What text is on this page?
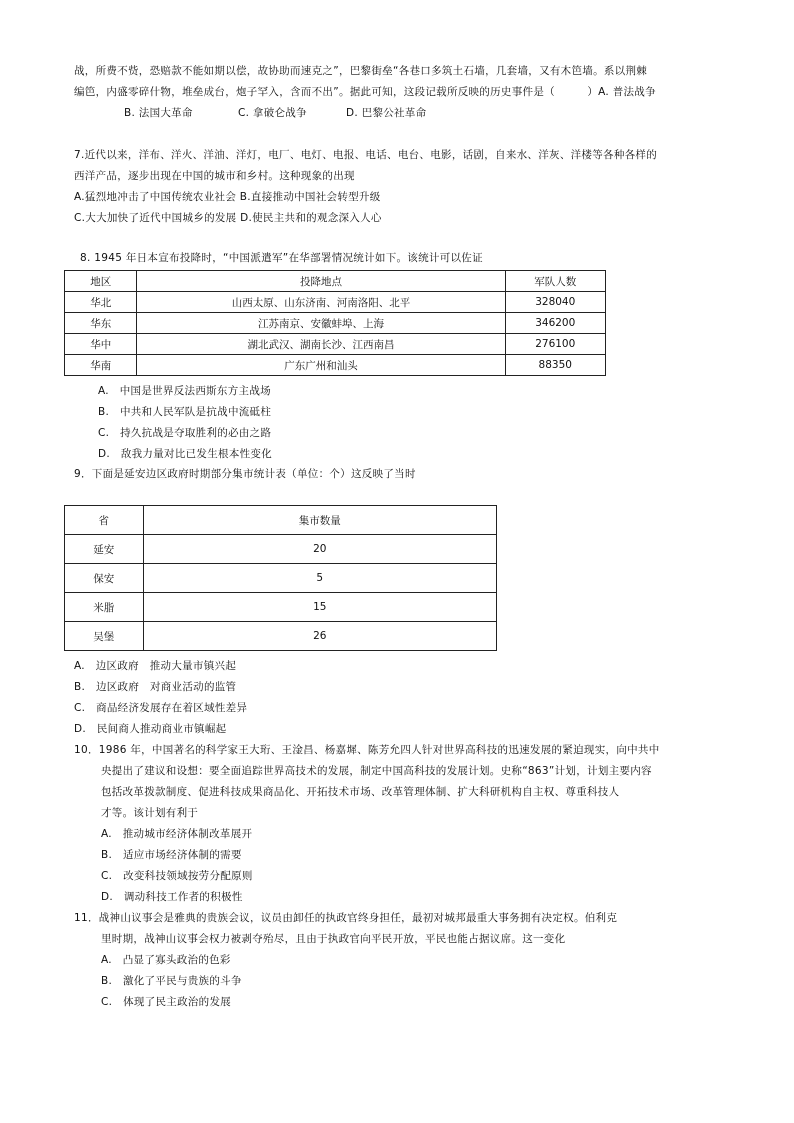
战，所费不赀，恐赔款不能如期以偿，故协助而速克之”，巴黎街垒“各巷口多筑土石墙，几套墙，又有木笆墙。系以荆棘
编笆，内盛零碎什物，堆垒成台，炮子罕入，含而不出”。据此可知，这段记载所反映的历史事件是（　　　）A. 普法战争
B. 法国大革命	C. 拿破仑战争	D. 巴黎公社革命
7.近代以来，洋布、洋火、洋油、洋灯，电厂、电灯、电报、电话、电台、电影，话剧，自来水、洋灰、洋楼等各种各样的
西洋产品，逐步出现在中国的城市和乡村。这种现象的出现
A.猛烈地冲击了中国传统农业社会 B.直接推动中国社会转型升级
C.大大加快了近代中国城乡的发展 D.使民主共和的观念深入人心
8. 1945 年日本宣布投降时，“中国派遣军”在华部署情况统计如下。该统计可以佐证
地区	投降地点	军队人数
华北	山西太原、山东济南、河南洛阳、北平	328040
华东	江苏南京、安徽蚌埠、上海	346200
华中	湖北武汉、湖南长沙、江西南昌	276100
华南	广东广州和汕头	88350
A.　中国是世界反法西斯东方主战场
B.　中共和人民军队是抗战中流砥柱
C.　持久抗战是夺取胜利的必由之路
D.　敌我力量对比已发生根本性变化
9．下面是延安边区政府时期部分集市统计表（单位：个）这反映了当时
省	集市数量
延安	20
保安	5
米脂	15
吴堡	26
A.　边区政府　推动大量市镇兴起
B.　边区政府　对商业活动的监管
C.　商品经济发展存在着区域性差异
D.　民间商人推动商业市镇崛起
10．1986 年，中国著名的科学家王大珩、王淦昌、杨嘉墀、陈芳允四人针对世界高科技的迅速发展的紧迫现实，向中共中
央提出了建议和设想：要全面追踪世界高技术的发展，制定中国高科技的发展计划。史称“863”计划，计划主要内容
包括改革拨款制度、促进科技成果商品化、开拓技术市场、改革管理体制、扩大科研机构自主权、尊重科技人
才等。该计划有利于
A.　推动城市经济体制改革展开
B.　适应市场经济体制的需要
C.　改变科技领域按劳分配原则
D.　调动科技工作者的积极性
11．战神山议事会是雅典的贵族会议，议员由卸任的执政官终身担任，最初对城邦最重大事务拥有决定权。伯利克
里时期，战神山议事会权力被剥夺殆尽，且由于执政官向平民开放，平民也能占据议席。这一变化
A.　凸显了寡头政治的色彩
B.　激化了平民与贵族的斗争
C.　体现了民主政治的发展
